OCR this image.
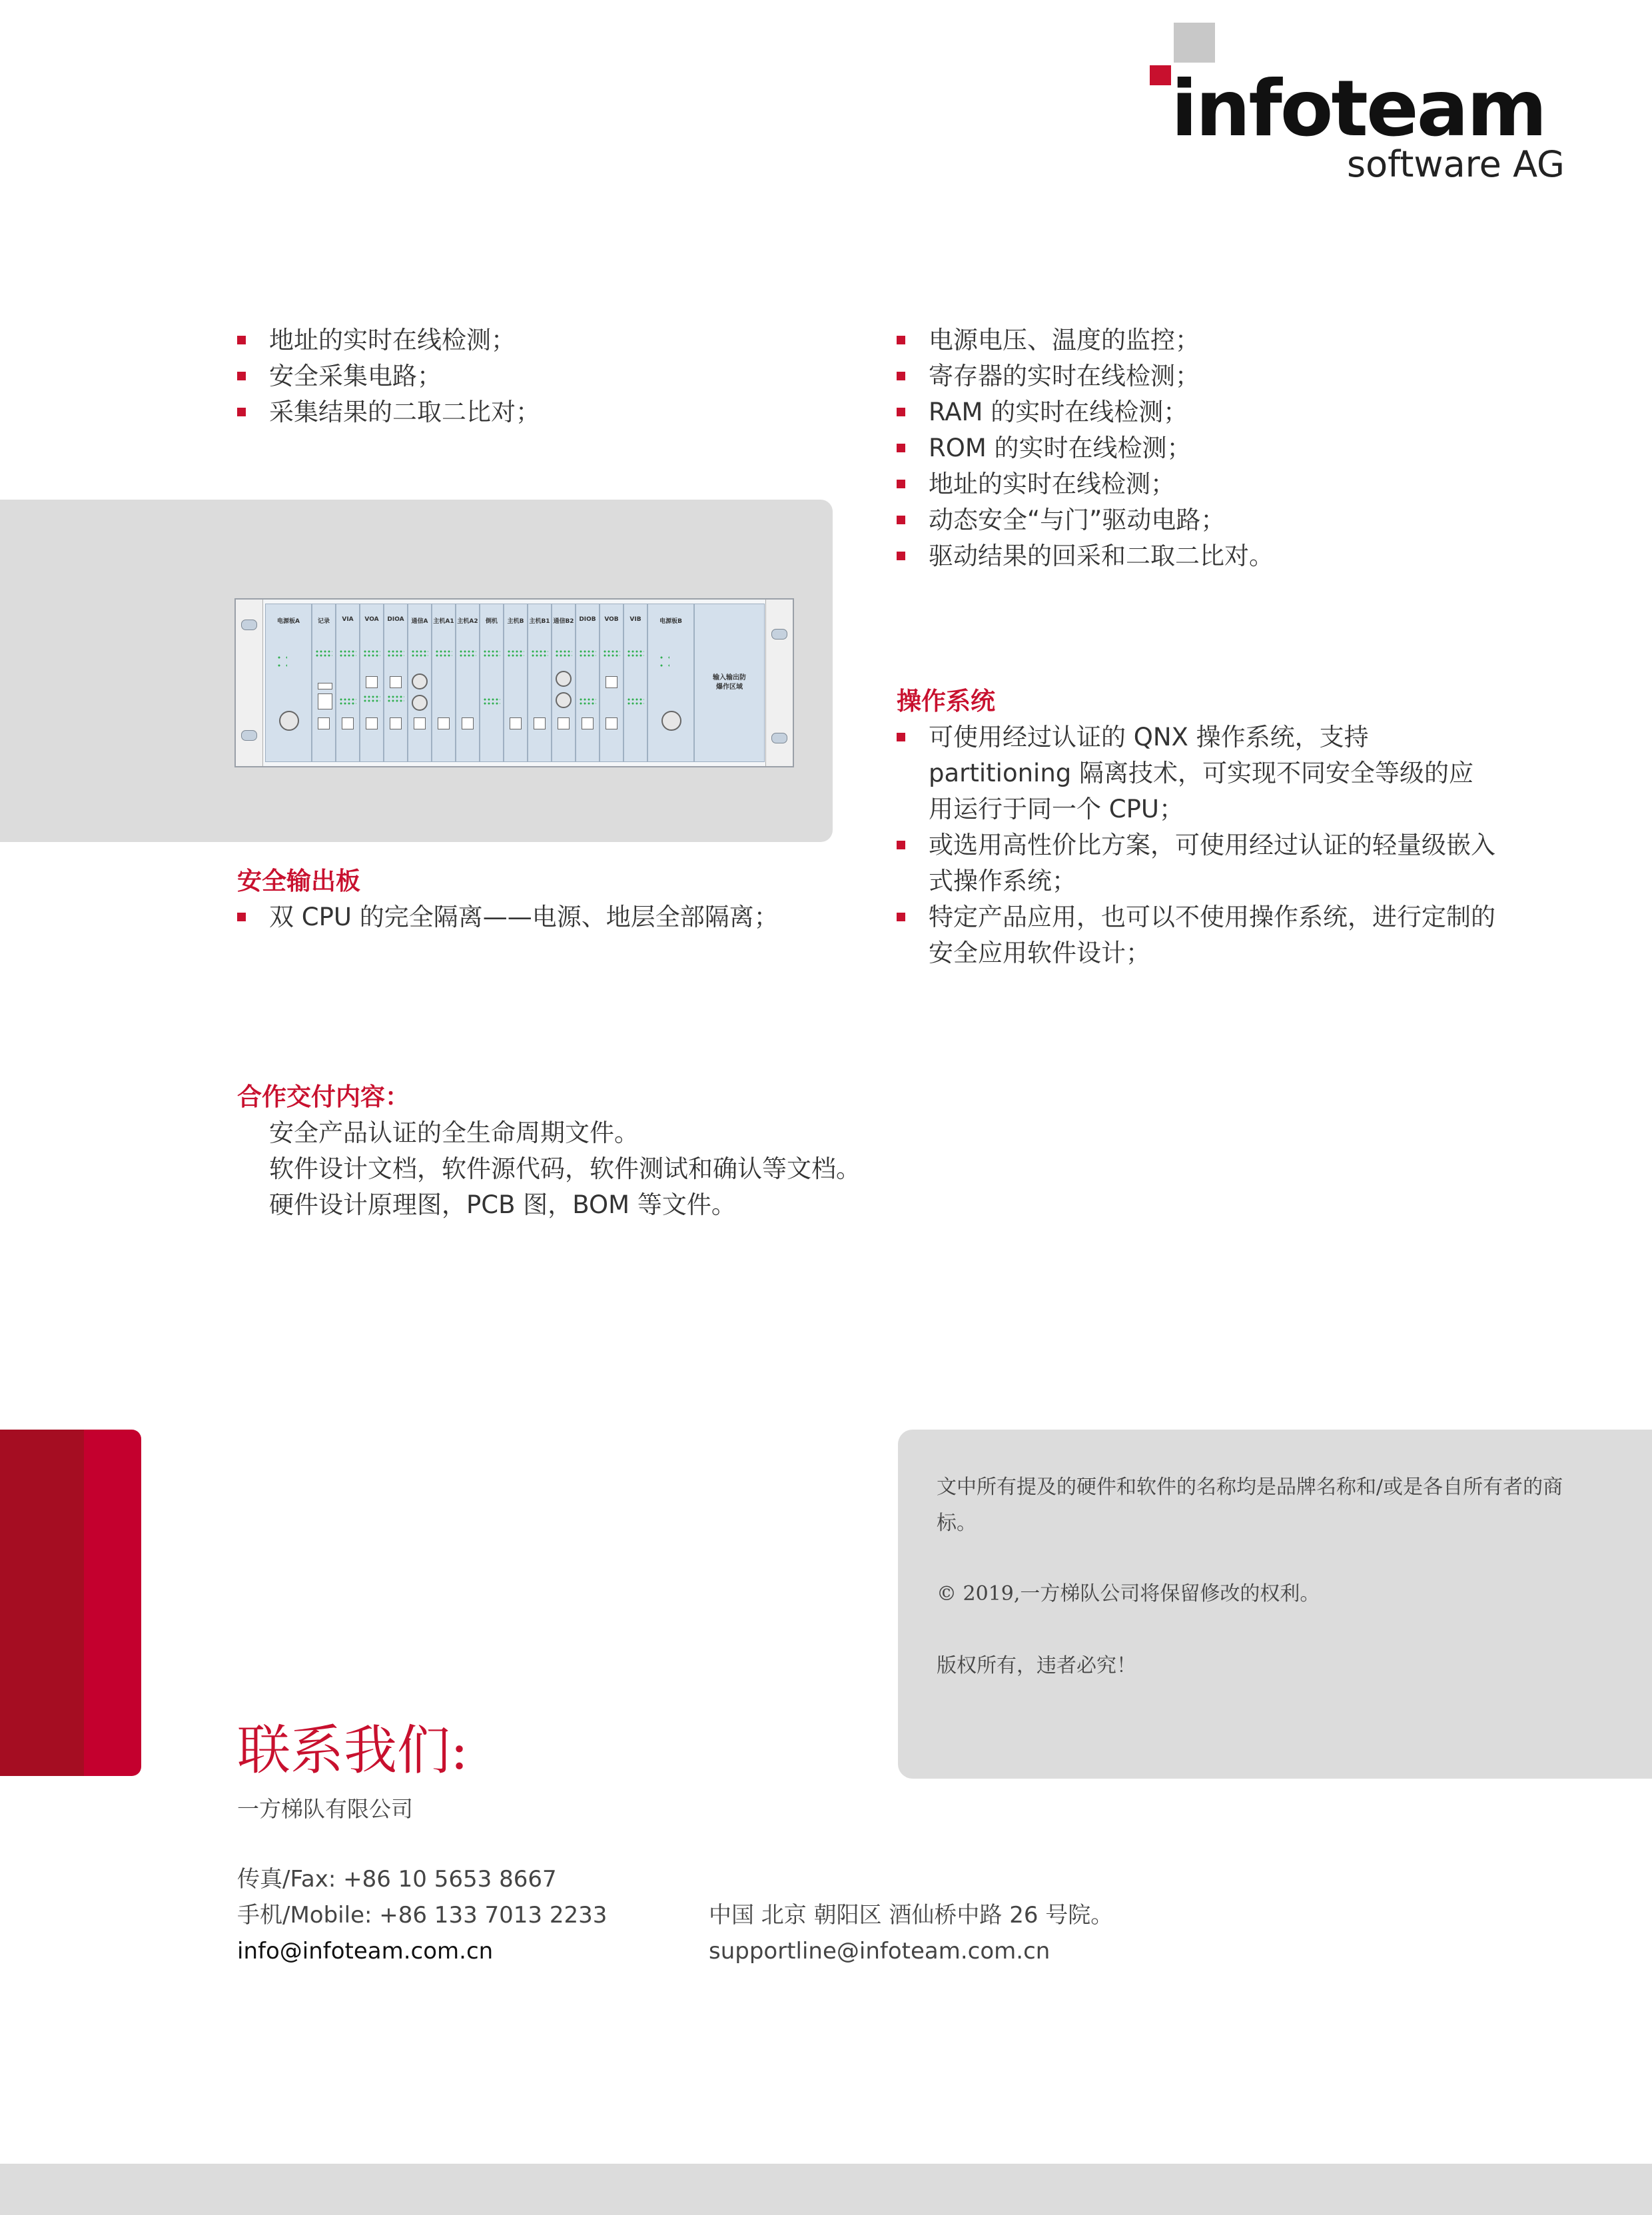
infoteam
software AG
地址的实时在线检测；
安全采集电路；
采集结果的二取二比对；
电源电压、温度的监控；
寄存器的实时在线检测；
RAM 的实时在线检测；
ROM 的实时在线检测；
地址的实时在线检测；
动态安全“与门”驱动电路；
驱动结果的回采和二取二比对。
电源板A	记录	VIA	VOA	DIOA	通信A 主机A1 主机A2	倒机	主机B 主机B1 通信B2 DIOB	VOB	VIB	电源板B
输入输出防
爆作区域
安全输出板
双 CPU 的完全隔离——电源、地层全部隔离；
操作系统
可使用经过认证的 QNX 操作系统，支持 partitioning 隔离技术，可实现不同安全等级的应用运行于同一个 CPU；
或选用高性价比方案，可使用经过认证的轻量级嵌入式操作系统；
特定产品应用，也可以不使用操作系统，进行定制的安全应用软件设计；
合作交付内容：
安全产品认证的全生命周期文件。
软件设计文档，软件源代码，软件测试和确认等文档。
硬件设计原理图，PCB 图，BOM 等文件。
文中所有提及的硬件和软件的名称均是品牌名称和/或是各自所有者的商标。
© 2019,一方梯队公司将保留修改的权利。
版权所有，违者必究！
联系我们:
一方梯队有限公司
传真/Fax: +86 10 5653 8667
手机/Mobile: +86 133 7013 2233
info@infoteam.com.cn
中国 北京 朝阳区 酒仙桥中路 26 号院。
supportline@infoteam.com.cn
